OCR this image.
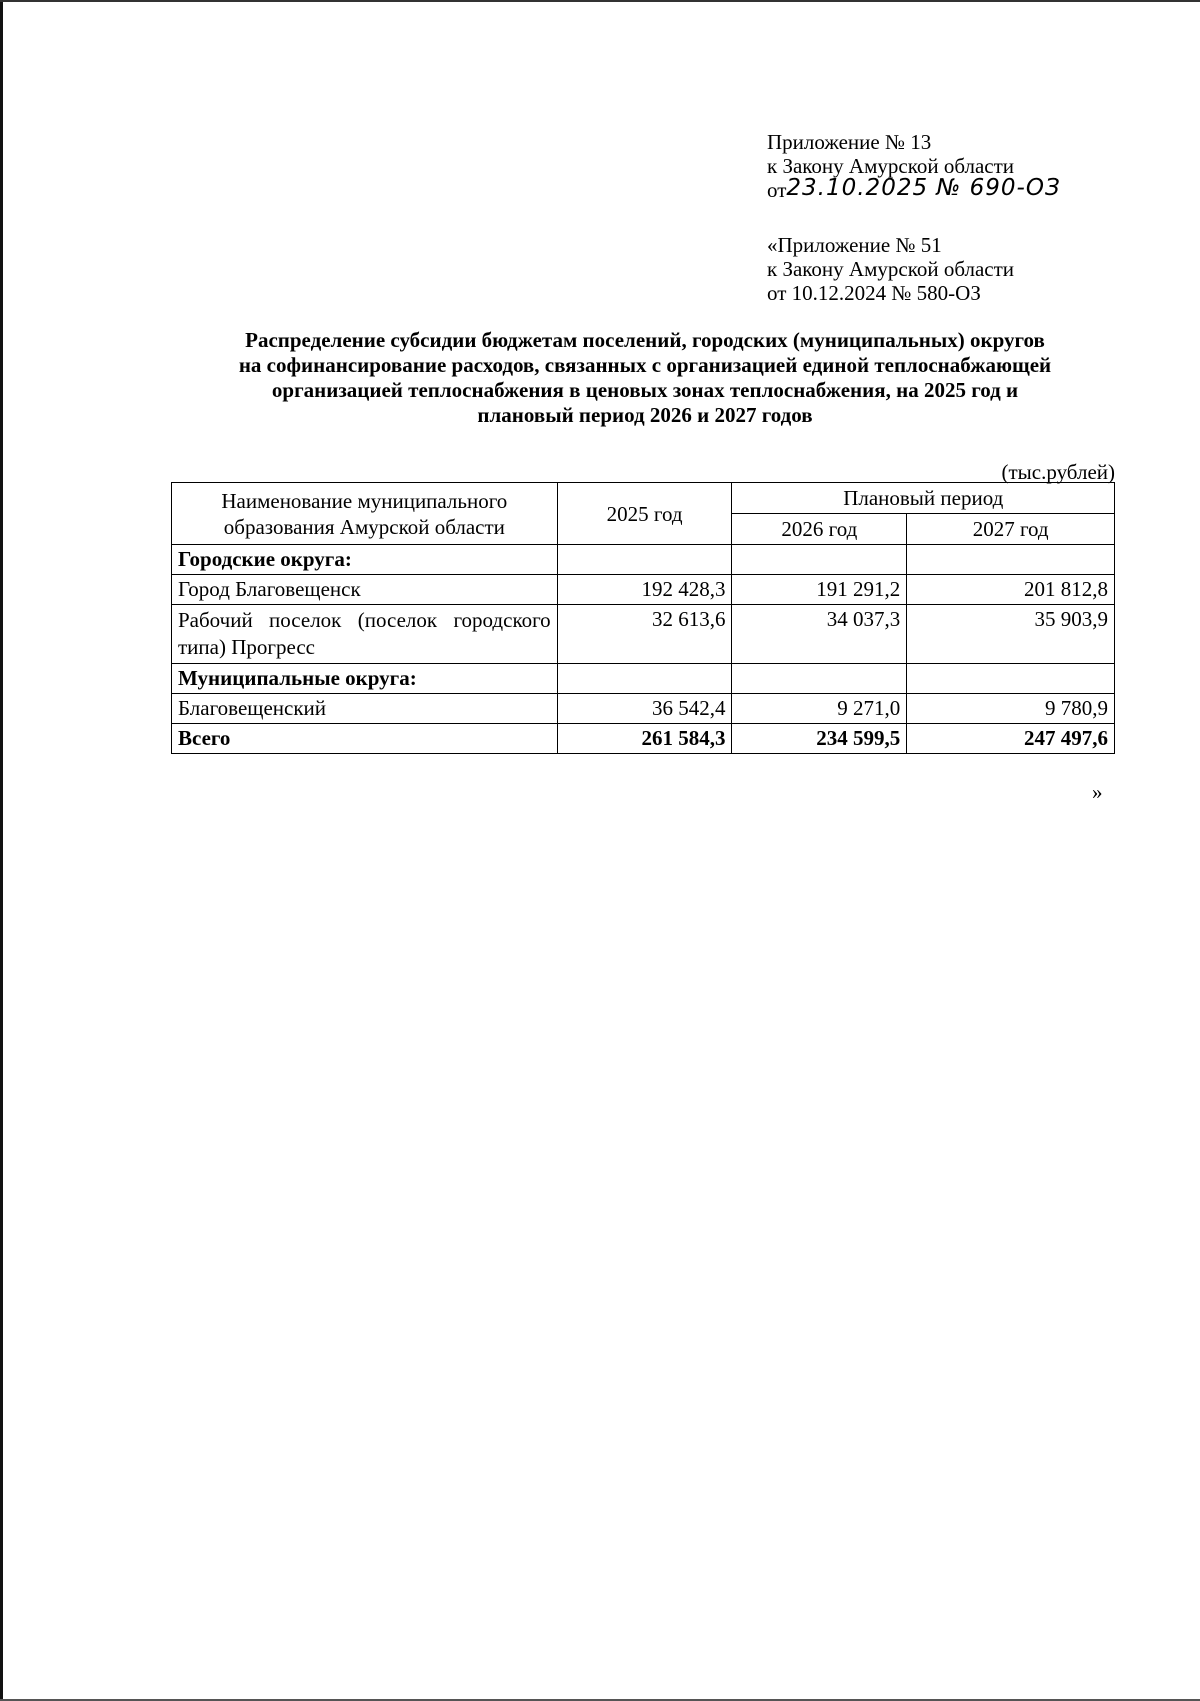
Приложение № 13
к Закону Амурской области
от23.10.2025 № 690-ОЗ
«Приложение № 51
к Закону Амурской области
от 10.12.2024 № 580-ОЗ
Распределение субсидии бюджетам поселений, городских (муниципальных) округов
на софинансирование расходов, связанных с организацией единой теплоснабжающей
организацией теплоснабжения в ценовых зонах теплоснабжения, на 2025 год и
плановый период 2026 и 2027 годов
(тыс.рублей)
Наименование муниципального образования Амурской области	2025 год	Плановый период	
		2026 год	2027 год
Городские округа:			
Город Благовещенск	192 428,3	191 291,2	201 812,8
Рабочий поселок (поселок городского типа) Прогресс	32 613,6	34 037,3	35 903,9
Муниципальные округа:			
Благовещенский	36 542,4	9 271,0	9 780,9
Всего	261 584,3	234 599,5	247 497,6
»
